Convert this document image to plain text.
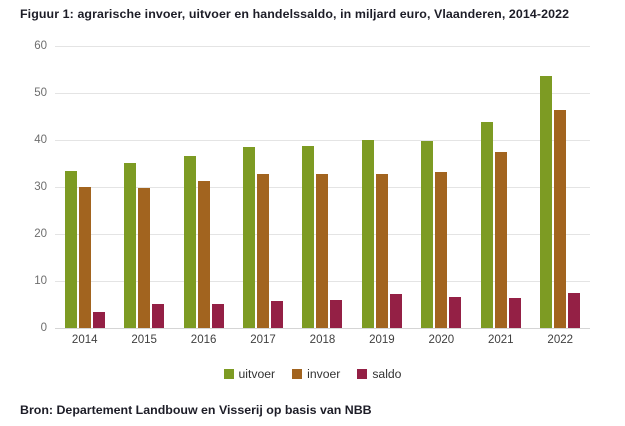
Figuur 1: agrarische invoer, uitvoer en handelssaldo, in miljard euro, Vlaanderen, 2014-2022
0
10
20
30
40
50
60
2014	2015	2016	2017	2018	2019	2020	2021	2022
uitvoer	invoer	saldo
Bron: Departement Landbouw en Visserij op basis van NBB
